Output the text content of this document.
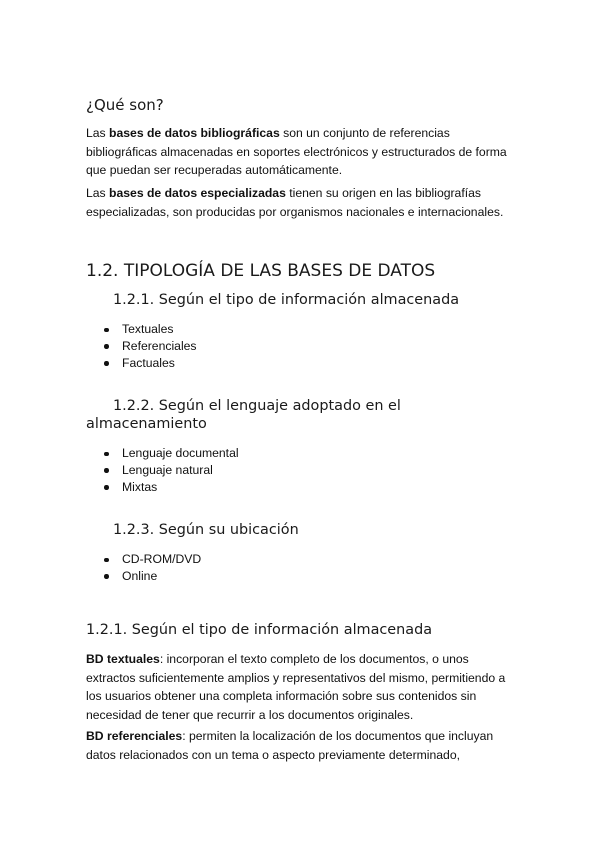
¿Qué son?

Las bases de datos bibliográficas son un conjunto de referencias bibliográficas almacenadas en soportes electrónicos y estructurados de forma que puedan ser recuperadas automáticamente.

Las bases de datos especializadas tienen su origen en las bibliografías especializadas, son producidas por organismos nacionales e internacionales.

1.2. TIPOLOGÍA DE LAS BASES DE DATOS
1.2.1. Según el tipo de información almacenada
Textuales
Referenciales
Factuales
1.2.2. Según el lenguaje adoptado en el
almacenamiento
Lenguaje documental
Lenguaje natural
Mixtas
1.2.3. Según su ubicación
CD-ROM/DVD
Online
1.2.1. Según el tipo de información almacenada

BD textuales: incorporan el texto completo de los documentos, o unos extractos suficientemente amplios y representativos del mismo, permitiendo a los usuarios obtener una completa información sobre sus contenidos sin necesidad de tener que recurrir a los documentos originales.

BD referenciales: permiten la localización de los documentos que incluyan datos relacionados con un tema o aspecto previamente determinado,
